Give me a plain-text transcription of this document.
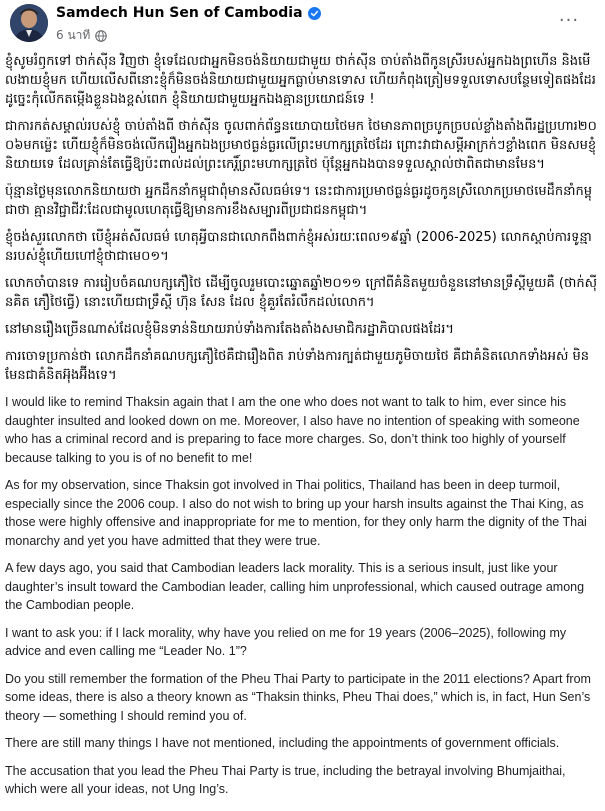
Samdech Hun Sen of Cambodia
6 นาที
···

ខ្ញុំសូមរំឭកទៅ ថាក់ស៊ីន វិញថា ខ្ញុំទេដែលជាអ្នកមិនចង់និយាយជាមួយ ថាក់ស៊ីន ចាប់តាំងពីកូនស្រីរបស់អ្នកឯងព្រហើន និងមើលងាយខ្ញុំមក ហើយលើសពីនោះខ្ញុំក៏មិនចង់និយាយជាមួយអ្នកធ្លាប់មានទោស ហើយកំពុងត្រៀមទទួលទោសបន្ថែមទៀតផងដែរ ដូច្នេះកុំលើកតម្កើងខ្លួនឯងខ្ពស់ពេក ខ្ញុំនិយាយជាមួយអ្នកឯងគ្មានប្រយោជន៍ទេ !

ជាការកត់សម្គាល់របស់ខ្ញុំ ចាប់តាំងពី ថាក់ស៊ីន ចូលពាក់ព័ន្ធនយោបាយថៃមក ថៃមានភាពច្របូកច្របល់ខ្លាំងតាំងពីរដ្ឋប្រហារ២០០៦មកម្ល៉េះ ហើយខ្ញុំក៏មិនចង់លើករឿងអ្នកឯងប្រមាថធ្ងន់ធ្ងរលើព្រះមហាក្សត្រថៃដែរ ព្រោះវាជាសម្ដីអាក្រក់ៗខ្លាំងពេក មិនសមខ្ញុំនិយាយទេ ដែលគ្រាន់តែធ្វើឱ្យប៉ះពាល់ដល់ព្រះកេរ្តិ៍ព្រះមហាក្សត្រថៃ ប៉ុន្តែអ្នកឯងបានទទួលស្គាល់ថាពិតជាមានមែន។

ប៉ុន្មានថ្ងៃមុនលោកនិយាយថា អ្នកដឹកនាំកម្ពុជាពុំមានសីលធម៌ទេ។ នេះជាការប្រមាថធ្ងន់ធ្ងរដូចកូនស្រីលោកប្រមាថមេដឹកនាំកម្ពុជាថា គ្មានវិជ្ជាជីវៈដែលជាមូលហេតុធ្វើឱ្យមានការខឹងសម្បារពីប្រជាជនកម្ពុជា។

ខ្ញុំចង់សួរលោកថា បើខ្ញុំអត់សីលធម៌ ហេតុអ្វីបានជាលោកពឹងពាក់ខ្ញុំអស់រយៈពេល១៩ឆ្នាំ (2006-2025) លោកស្ដាប់ការទូន្មានរបស់ខ្ញុំហើយហៅខ្ញុំថាជាមេ០១។

លោកចាំបានទេ ការរៀបចំគណបក្សភឿថៃ ដើម្បីចូលរួមបោះឆ្នោតឆ្នាំ២០១១ ក្រៅពីគំនិតមួយចំនួននៅមានទ្រឹស្តីមួយគឺ (ថាក់ស៊ីនគិត ភឿថៃធ្វើ) នោះហើយជាទ្រឹស្តី ហ៊ុន សែន ដែល ខ្ញុំគួរតែរំលឹកដល់លោក។

នៅមានរឿងច្រើនណាស់ដែលខ្ញុំមិនទាន់និយាយរាប់ទាំងការតែងតាំងសមាជិករដ្ឋាភិបាលផងដែរ។

ការចោទប្រកាន់ថា លោកដឹកនាំគណបក្សភឿថៃគឺជារឿងពិត រាប់ទាំងការក្បត់ជាមួយភូមិចាយថៃ គឺជាគំនិតលោកទាំងអស់ មិនមែនជាគំនិតអ៊ុងអ៊ីងទេ។

I would like to remind Thaksin again that I am the one who does not want to talk to him, ever since his daughter insulted and looked down on me. Moreover, I also have no intention of speaking with someone who has a criminal record and is preparing to face more charges. So, don’t think too highly of yourself because talking to you is of no benefit to me!

As for my observation, since Thaksin got involved in Thai politics, Thailand has been in deep turmoil, especially since the 2006 coup. I also do not wish to bring up your harsh insults against the Thai King, as those were highly offensive and inappropriate for me to mention, for they only harm the dignity of the Thai monarchy and yet you have admitted that they were true.

A few days ago, you said that Cambodian leaders lack morality. This is a serious insult, just like your daughter’s insult toward the Cambodian leader, calling him unprofessional, which caused outrage among the Cambodian people.

I want to ask you: if I lack morality, why have you relied on me for 19 years (2006–2025), following my advice and even calling me “Leader No. 1”?

Do you still remember the formation of the Pheu Thai Party to participate in the 2011 elections? Apart from some ideas, there is also a theory known as “Thaksin thinks, Pheu Thai does,” which is, in fact, Hun Sen’s theory — something I should remind you of.

There are still many things I have not mentioned, including the appointments of government officials.

The accusation that you lead the Pheu Thai Party is true, including the betrayal involving Bhumjaithai, which were all your ideas, not Ung Ing’s.
